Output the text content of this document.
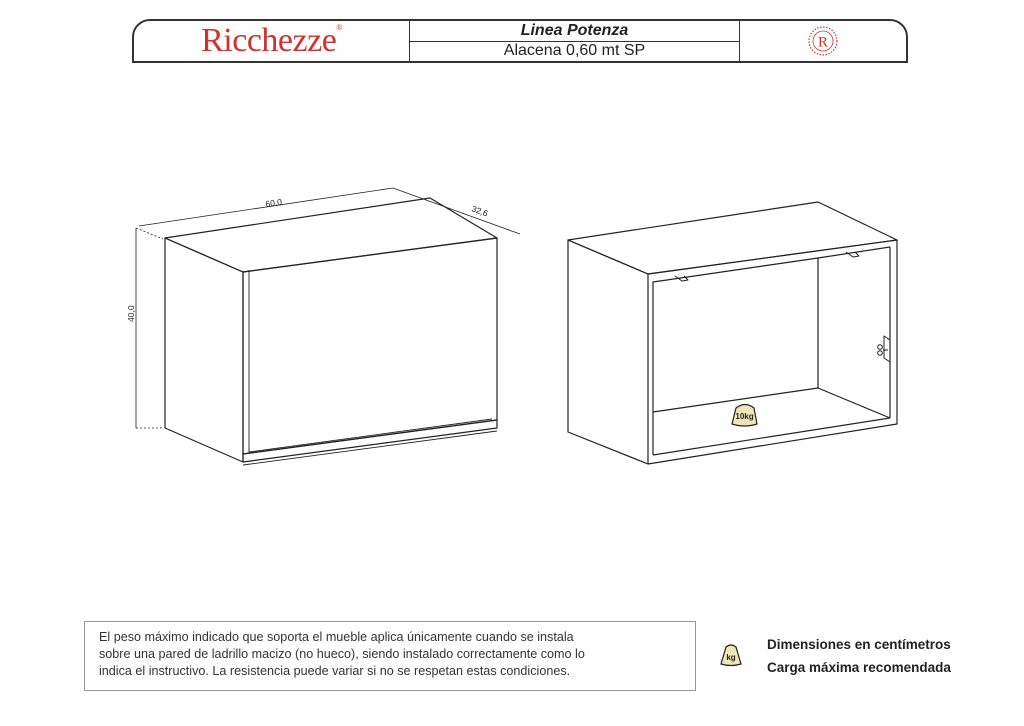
Ricchezze®	Linea Potenza
Alacena 0,60 mt SP	R
10kg
60,0
32,6
40,0
El peso máximo indicado que soporta el mueble aplica únicamente cuando se instala
sobre una pared de ladrillo macizo (no hueco), siendo instalado correctamente como lo
indica el instructivo. La resistencia puede variar si no se respetan estas condiciones.
kg
Dimensiones en centímetros
Carga máxima recomendada
